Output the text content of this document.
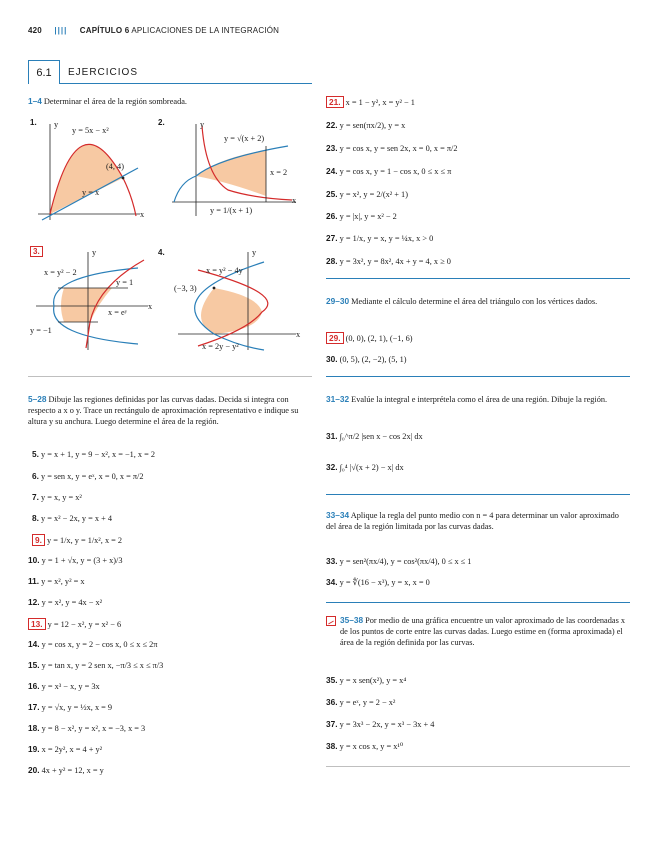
420 |||| CAPÍTULO 6 APLICACIONES DE LA INTEGRACIÓN
6.1	EJERCICIOS
1–4 Determinar el área de la región sombreada.
1. y
y = 5x − x²
(4, 4)
y = x
x
2.	y
y = √(x + 2)
x = 2
y = 1/(x + 1)
x
3.	y
x = y² − 2
y = 1
x = eʸ
y = −1
x
4.	y
x = y² − 4y
(−3, 3)
x = 2y − y²
x
5–28 Dibuje las regiones definidas por las curvas dadas. Decida si integra con respecto a x o y. Trace un rectángulo de aproximación representativo e indique su altura y su anchura. Luego determine el área de la región.
5. y = x + 1, y = 9 − x², x = −1, x = 2
6. y = sen x, y = eˣ, x = 0, x = π/2
7. y = x, y = x²
8. y = x² − 2x, y = x + 4
9. y = 1/x, y = 1/x², x = 2
10. y = 1 + √x, y = (3 + x)/3
11. y = x², y² = x
12. y = x², y = 4x − x²
13. y = 12 − x², y = x² − 6
14. y = cos x, y = 2 − cos x, 0 ≤ x ≤ 2π
15. y = tan x, y = 2 sen x, −π/3 ≤ x ≤ π/3
16. y = x³ − x, y = 3x
17. y = √x, y = ½x, x = 9
18. y = 8 − x², y = x², x = −3, x = 3
19. x = 2y², x = 4 + y²
20. 4x + y² = 12, x = y
21. x = 1 − y², x = y² − 1
22. y = sen(πx/2), y = x
23. y = cos x, y = sen 2x, x = 0, x = π/2
24. y = cos x, y = 1 − cos x, 0 ≤ x ≤ π
25. y = x², y = 2/(x² + 1)
26. y = |x|, y = x² − 2
27. y = 1/x, y = x, y = ¼x, x > 0
28. y = 3x², y = 8x², 4x + y = 4, x ≥ 0
29–30 Mediante el cálculo determine el área del triángulo con los vértices dados.
29. (0, 0), (2, 1), (−1, 6)
30. (0, 5), (2, −2), (5, 1)
31–32 Evalúe la integral e interprétela como el área de una región. Dibuje la región.
31. ∫₀^π/2 |sen x − cos 2x| dx
32. ∫₀⁴ |√(x + 2) − x| dx
33–34 Aplique la regla del punto medio con n = 4 para determinar un valor aproximado del área de la región limitada por las curvas dadas.
33. y = sen²(πx/4), y = cos²(πx/4), 0 ≤ x ≤ 1
34. y = ∜(16 − x³), y = x, x = 0
35–38 Por medio de una gráfica encuentre un valor aproximado de las coordenadas x de los puntos de corte entre las curvas dadas. Luego estime en (forma aproximada) el área de la región definida por las curvas.
35. y = x sen(x²), y = x⁴
36. y = eˣ, y = 2 − x²
37. y = 3x³ − 2x, y = x³ − 3x + 4
38. y = x cos x, y = x¹⁰
